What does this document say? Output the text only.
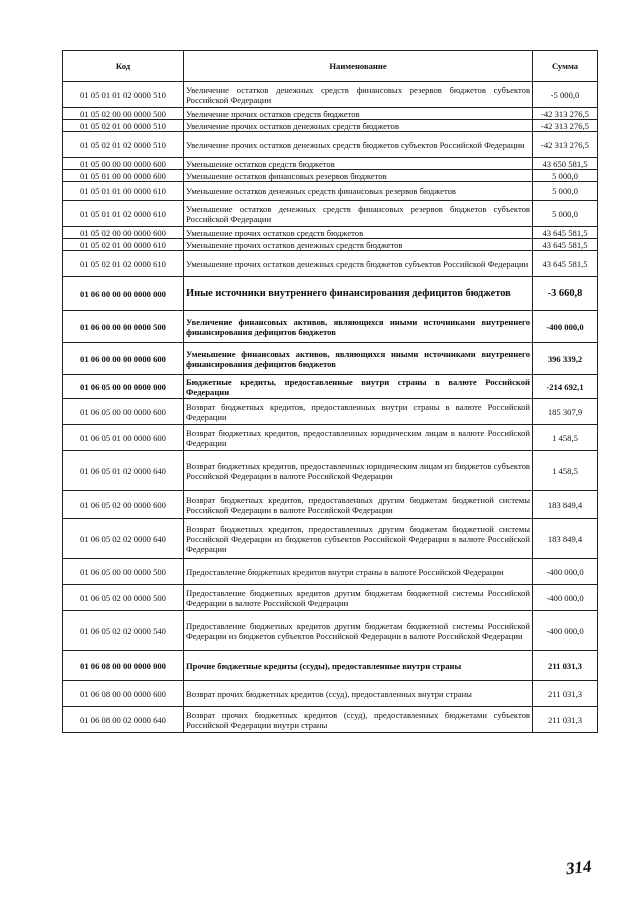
Код	Наименование	Сумма
01 05 01 01 02 0000 510	Увеличение остатков денежных средств финансовых резервов бюджетов субъектов Российской Федерации	-5 000,0
01 05 02 00 00 0000 500	Увеличение прочих остатков средств бюджетов	-42 313 276,5
01 05 02 01 00 0000 510	Увеличение прочих остатков денежных средств бюджетов	-42 313 276,5
01 05 02 01 02 0000 510	Увеличение прочих остатков денежных средств бюджетов субъектов Российской Федерации	-42 313 276,5
01 05 00 00 00 0000 600	Уменьшение остатков средств бюджетов	43 650 581,5
01 05 01 00 00 0000 600	Уменьшение остатков финансовых резервов бюджетов	5 000,0
01 05 01 01 00 0000 610	Уменьшение остатков денежных средств финансовых резервов бюджетов	5 000,0
01 05 01 01 02 0000 610	Уменьшение остатков денежных средств финансовых резервов бюджетов субъектов Российской Федерации	5 000,0
01 05 02 00 00 0000 600	Уменьшение прочих остатков средств бюджетов	43 645 581,5
01 05 02 01 00 0000 610	Уменьшение прочих остатков денежных средств бюджетов	43 645 581,5
01 05 02 01 02 0000 610	Уменьшение прочих остатков денежных средств бюджетов субъектов Российской Федерации	43 645 581,5
01 06 00 00 00 0000 000	Иные источники внутреннего финансирования дефицитов бюджетов	-3 660,8
01 06 00 00 00 0000 500	Увеличение финансовых активов, являющихся иными источниками внутреннего финансирования дефицитов бюджетов	-400 000,0
01 06 00 00 00 0000 600	Уменьшение финансовых активов, являющихся иными источниками внутреннего финансирования дефицитов бюджетов	396 339,2
01 06 05 00 00 0000 000	Бюджетные кредиты, предоставленные внутри страны в валюте Российской Федерации	-214 692,1
01 06 05 00 00 0000 600	Возврат бюджетных кредитов, предоставленных внутри страны в валюте Российской Федерации	185 307,9
01 06 05 01 00 0000 600	Возврат бюджетных кредитов, предоставленных юридическим лицам в валюте Российской Федерации	1 458,5
01 06 05 01 02 0000 640	Возврат бюджетных кредитов, предоставленных юридическим лицам из бюджетов субъектов Российской Федерации в валюте Российской Федерации	1 458,5
01 06 05 02 00 0000 600	Возврат бюджетных кредитов, предоставленных другим бюджетам бюджетной системы Российской Федерации в валюте Российской Федерации	183 849,4
01 06 05 02 02 0000 640	Возврат бюджетных кредитов, предоставленных другим бюджетам бюджетной системы Российской Федерации из бюджетов субъектов Российской Федерации в валюте Российской Федерации	183 849,4
01 06 05 00 00 0000 500	Предоставление бюджетных кредитов внутри страны в валюте Российской Федерации	-400 000,0
01 06 05 02 00 0000 500	Предоставление бюджетных кредитов другим бюджетам бюджетной системы Российской Федерации в валюте Российской Федерации	-400 000,0
01 06 05 02 02 0000 540	Предоставление бюджетных кредитов другим бюджетам бюджетной системы Российской Федерации из бюджетов субъектов Российской Федерации в валюте Российской Федерации	-400 000,0
01 06 08 00 00 0000 000	Прочие бюджетные кредиты (ссуды), предоставленные внутри страны	211 031,3
01 06 08 00 00 0000 600	Возврат прочих бюджетных кредитов (ссуд), предоставленных внутри страны	211 031,3
01 06 08 00 02 0000 640	Возврат прочих бюджетных кредитов (ссуд), предоставленных бюджетами субъектов Российской Федерации внутри страны	211 031,3
314
